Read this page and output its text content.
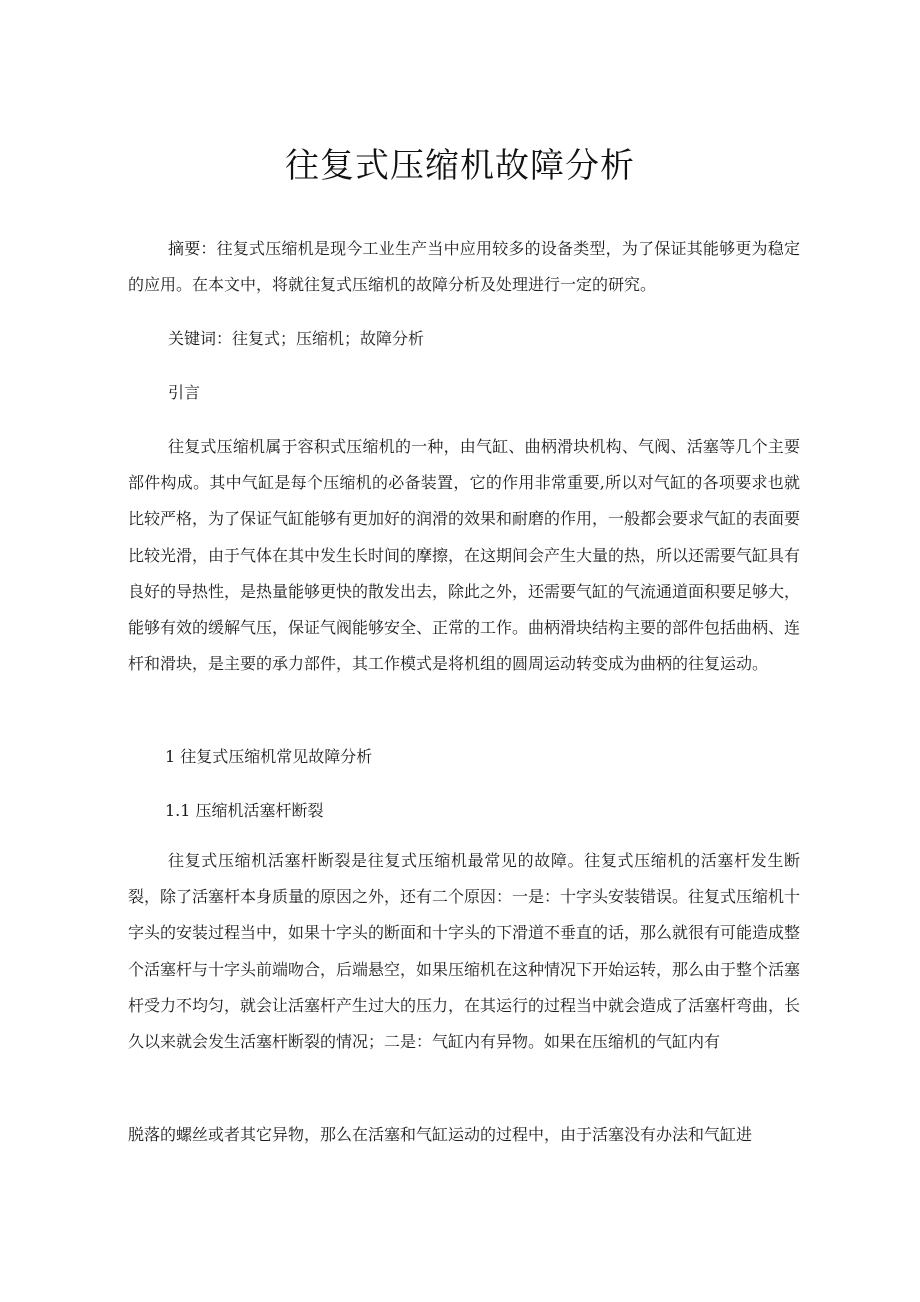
往复式压缩机故障分析

摘要：往复式压缩机是现今工业生产当中应用较多的设备类型，为了保证其能够更为稳定的应用。在本文中，将就往复式压缩机的故障分析及处理进行一定的研究。

关键词：往复式；压缩机；故障分析

引言

往复式压缩机属于容积式压缩机的一种，由气缸、曲柄滑块机构、气阀、活塞等几个主要部件构成。其中气缸是每个压缩机的必备装置，它的作用非常重要,所以对气缸的各项要求也就比较严格，为了保证气缸能够有更加好的润滑的效果和耐磨的作用，一般都会要求气缸的表面要比较光滑，由于气体在其中发生长时间的摩擦，在这期间会产生大量的热，所以还需要气缸具有良好的导热性，是热量能够更快的散发出去，除此之外，还需要气缸的气流通道面积要足够大，能够有效的缓解气压，保证气阀能够安全、正常的工作。曲柄滑块结构主要的部件包括曲柄、连杆和滑块，是主要的承力部件，其工作模式是将机组的圆周运动转变成为曲柄的往复运动。

1 往复式压缩机常见故障分析

1.1 压缩机活塞杆断裂

往复式压缩机活塞杆断裂是往复式压缩机最常见的故障。往复式压缩机的活塞杆发生断裂，除了活塞杆本身质量的原因之外，还有二个原因：一是：十字头安装错误。往复式压缩机十字头的安装过程当中，如果十字头的断面和十字头的下滑道不垂直的话，那么就很有可能造成整个活塞杆与十字头前端吻合，后端悬空，如果压缩机在这种情况下开始运转，那么由于整个活塞杆受力不均匀，就会让活塞杆产生过大的压力，在其运行的过程当中就会造成了活塞杆弯曲，长久以来就会发生活塞杆断裂的情况；二是：气缸内有异物。如果在压缩机的气缸内有

脱落的螺丝或者其它异物，那么在活塞和气缸运动的过程中，由于活塞没有办法和气缸进
